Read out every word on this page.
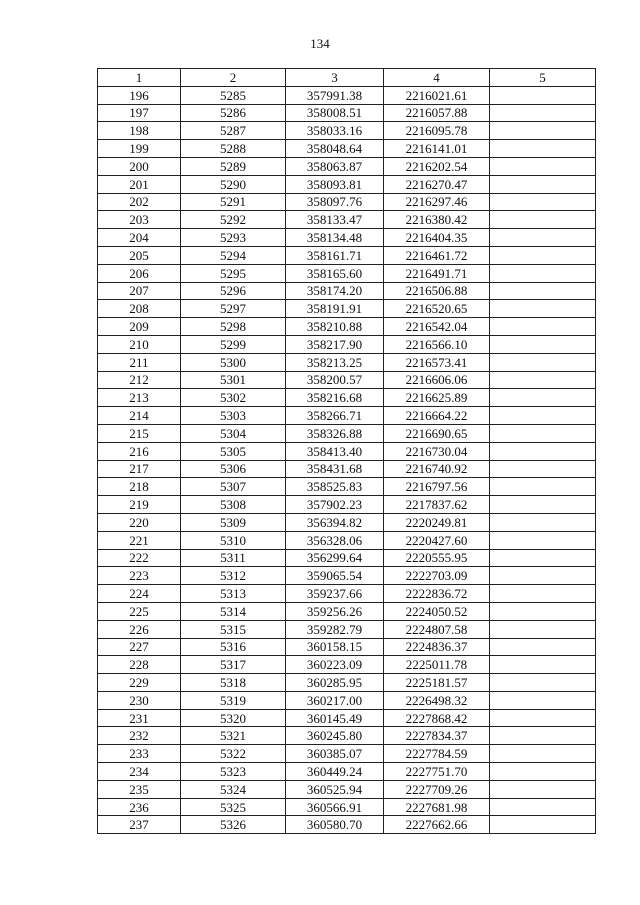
134
1	2	3	4	5
196	5285	357991.38	2216021.61	
197	5286	358008.51	2216057.88	
198	5287	358033.16	2216095.78	
199	5288	358048.64	2216141.01	
200	5289	358063.87	2216202.54	
201	5290	358093.81	2216270.47	
202	5291	358097.76	2216297.46	
203	5292	358133.47	2216380.42	
204	5293	358134.48	2216404.35	
205	5294	358161.71	2216461.72	
206	5295	358165.60	2216491.71	
207	5296	358174.20	2216506.88	
208	5297	358191.91	2216520.65	
209	5298	358210.88	2216542.04	
210	5299	358217.90	2216566.10	
211	5300	358213.25	2216573.41	
212	5301	358200.57	2216606.06	
213	5302	358216.68	2216625.89	
214	5303	358266.71	2216664.22	
215	5304	358326.88	2216690.65	
216	5305	358413.40	2216730.04	
217	5306	358431.68	2216740.92	
218	5307	358525.83	2216797.56	
219	5308	357902.23	2217837.62	
220	5309	356394.82	2220249.81	
221	5310	356328.06	2220427.60	
222	5311	356299.64	2220555.95	
223	5312	359065.54	2222703.09	
224	5313	359237.66	2222836.72	
225	5314	359256.26	2224050.52	
226	5315	359282.79	2224807.58	
227	5316	360158.15	2224836.37	
228	5317	360223.09	2225011.78	
229	5318	360285.95	2225181.57	
230	5319	360217.00	2226498.32	
231	5320	360145.49	2227868.42	
232	5321	360245.80	2227834.37	
233	5322	360385.07	2227784.59	
234	5323	360449.24	2227751.70	
235	5324	360525.94	2227709.26	
236	5325	360566.91	2227681.98	
237	5326	360580.70	2227662.66	
